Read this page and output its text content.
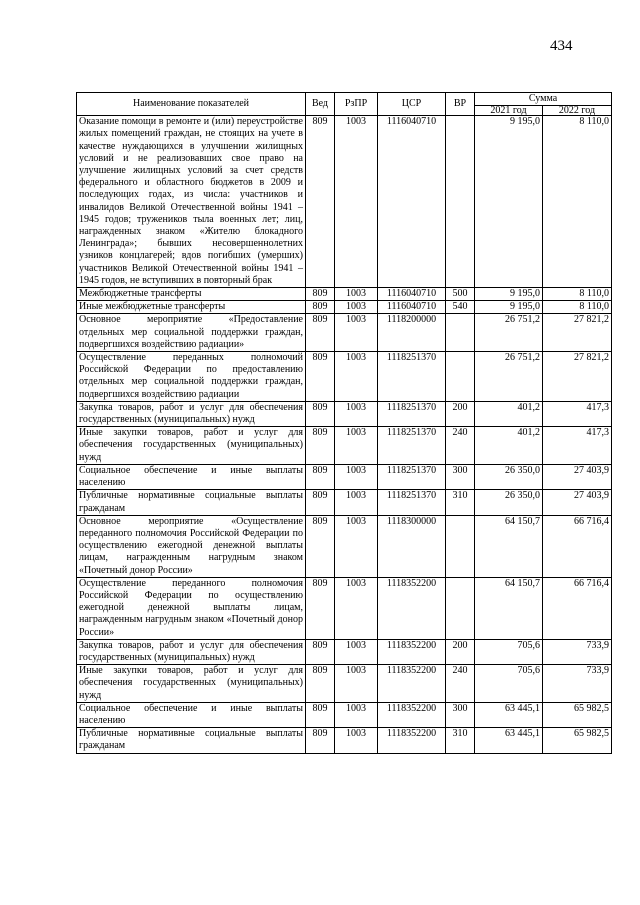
434
Наименование показателей	Вед	РзПР	ЦСР	ВР	Сумма	
					2021 год	2022 год
Оказание помощи в ремонте и (или) переустройстве жилых помещений граждан, не стоящих на учете в качестве нуждающихся в улучшении жилищных условий и не реализовавших свое право на улучшение жилищных условий за счет средств федерального и областного бюджетов в 2009 и последующих годах, из числа: участников и инвалидов Великой Отечественной войны 1941 – 1945 годов; тружеников тыла военных лет; лиц, награжденных знаком «Жителю блокадного Ленинграда»; бывших несовершеннолетних узников концлагерей; вдов погибших (умерших) участников Великой Отечественной войны 1941 – 1945 годов, не вступивших в повторный брак	809	1003	1116040710		9 195,0	8 110,0
Межбюджетные трансферты	809	1003	1116040710	500	9 195,0	8 110,0
Иные межбюджетные трансферты	809	1003	1116040710	540	9 195,0	8 110,0
Основное мероприятие «Предоставление отдельных мер социальной поддержки граждан, подвергшихся воздействию радиации»	809	1003	1118200000		26 751,2	27 821,2
Осуществление переданных полномочий Российской Федерации по предоставлению отдельных мер социальной поддержки граждан, подвергшихся воздействию радиации	809	1003	1118251370		26 751,2	27 821,2
Закупка товаров, работ и услуг для обеспечения государственных (муниципальных) нужд	809	1003	1118251370	200	401,2	417,3
Иные закупки товаров, работ и услуг для обеспечения государственных (муниципальных) нужд	809	1003	1118251370	240	401,2	417,3
Социальное обеспечение и иные выплаты населению	809	1003	1118251370	300	26 350,0	27 403,9
Публичные нормативные социальные выплаты гражданам	809	1003	1118251370	310	26 350,0	27 403,9
Основное мероприятие «Осуществление переданного полномочия Российской Федерации по осуществлению ежегодной денежной выплаты лицам, награжденным нагрудным знаком «Почетный донор России»	809	1003	1118300000		64 150,7	66 716,4
Осуществление переданного полномочия Российской Федерации по осуществлению ежегодной денежной выплаты лицам, награжденным нагрудным знаком «Почетный донор России»	809	1003	1118352200		64 150,7	66 716,4
Закупка товаров, работ и услуг для обеспечения государственных (муниципальных) нужд	809	1003	1118352200	200	705,6	733,9
Иные закупки товаров, работ и услуг для обеспечения государственных (муниципальных) нужд	809	1003	1118352200	240	705,6	733,9
Социальное обеспечение и иные выплаты населению	809	1003	1118352200	300	63 445,1	65 982,5
Публичные нормативные социальные выплаты гражданам	809	1003	1118352200	310	63 445,1	65 982,5
